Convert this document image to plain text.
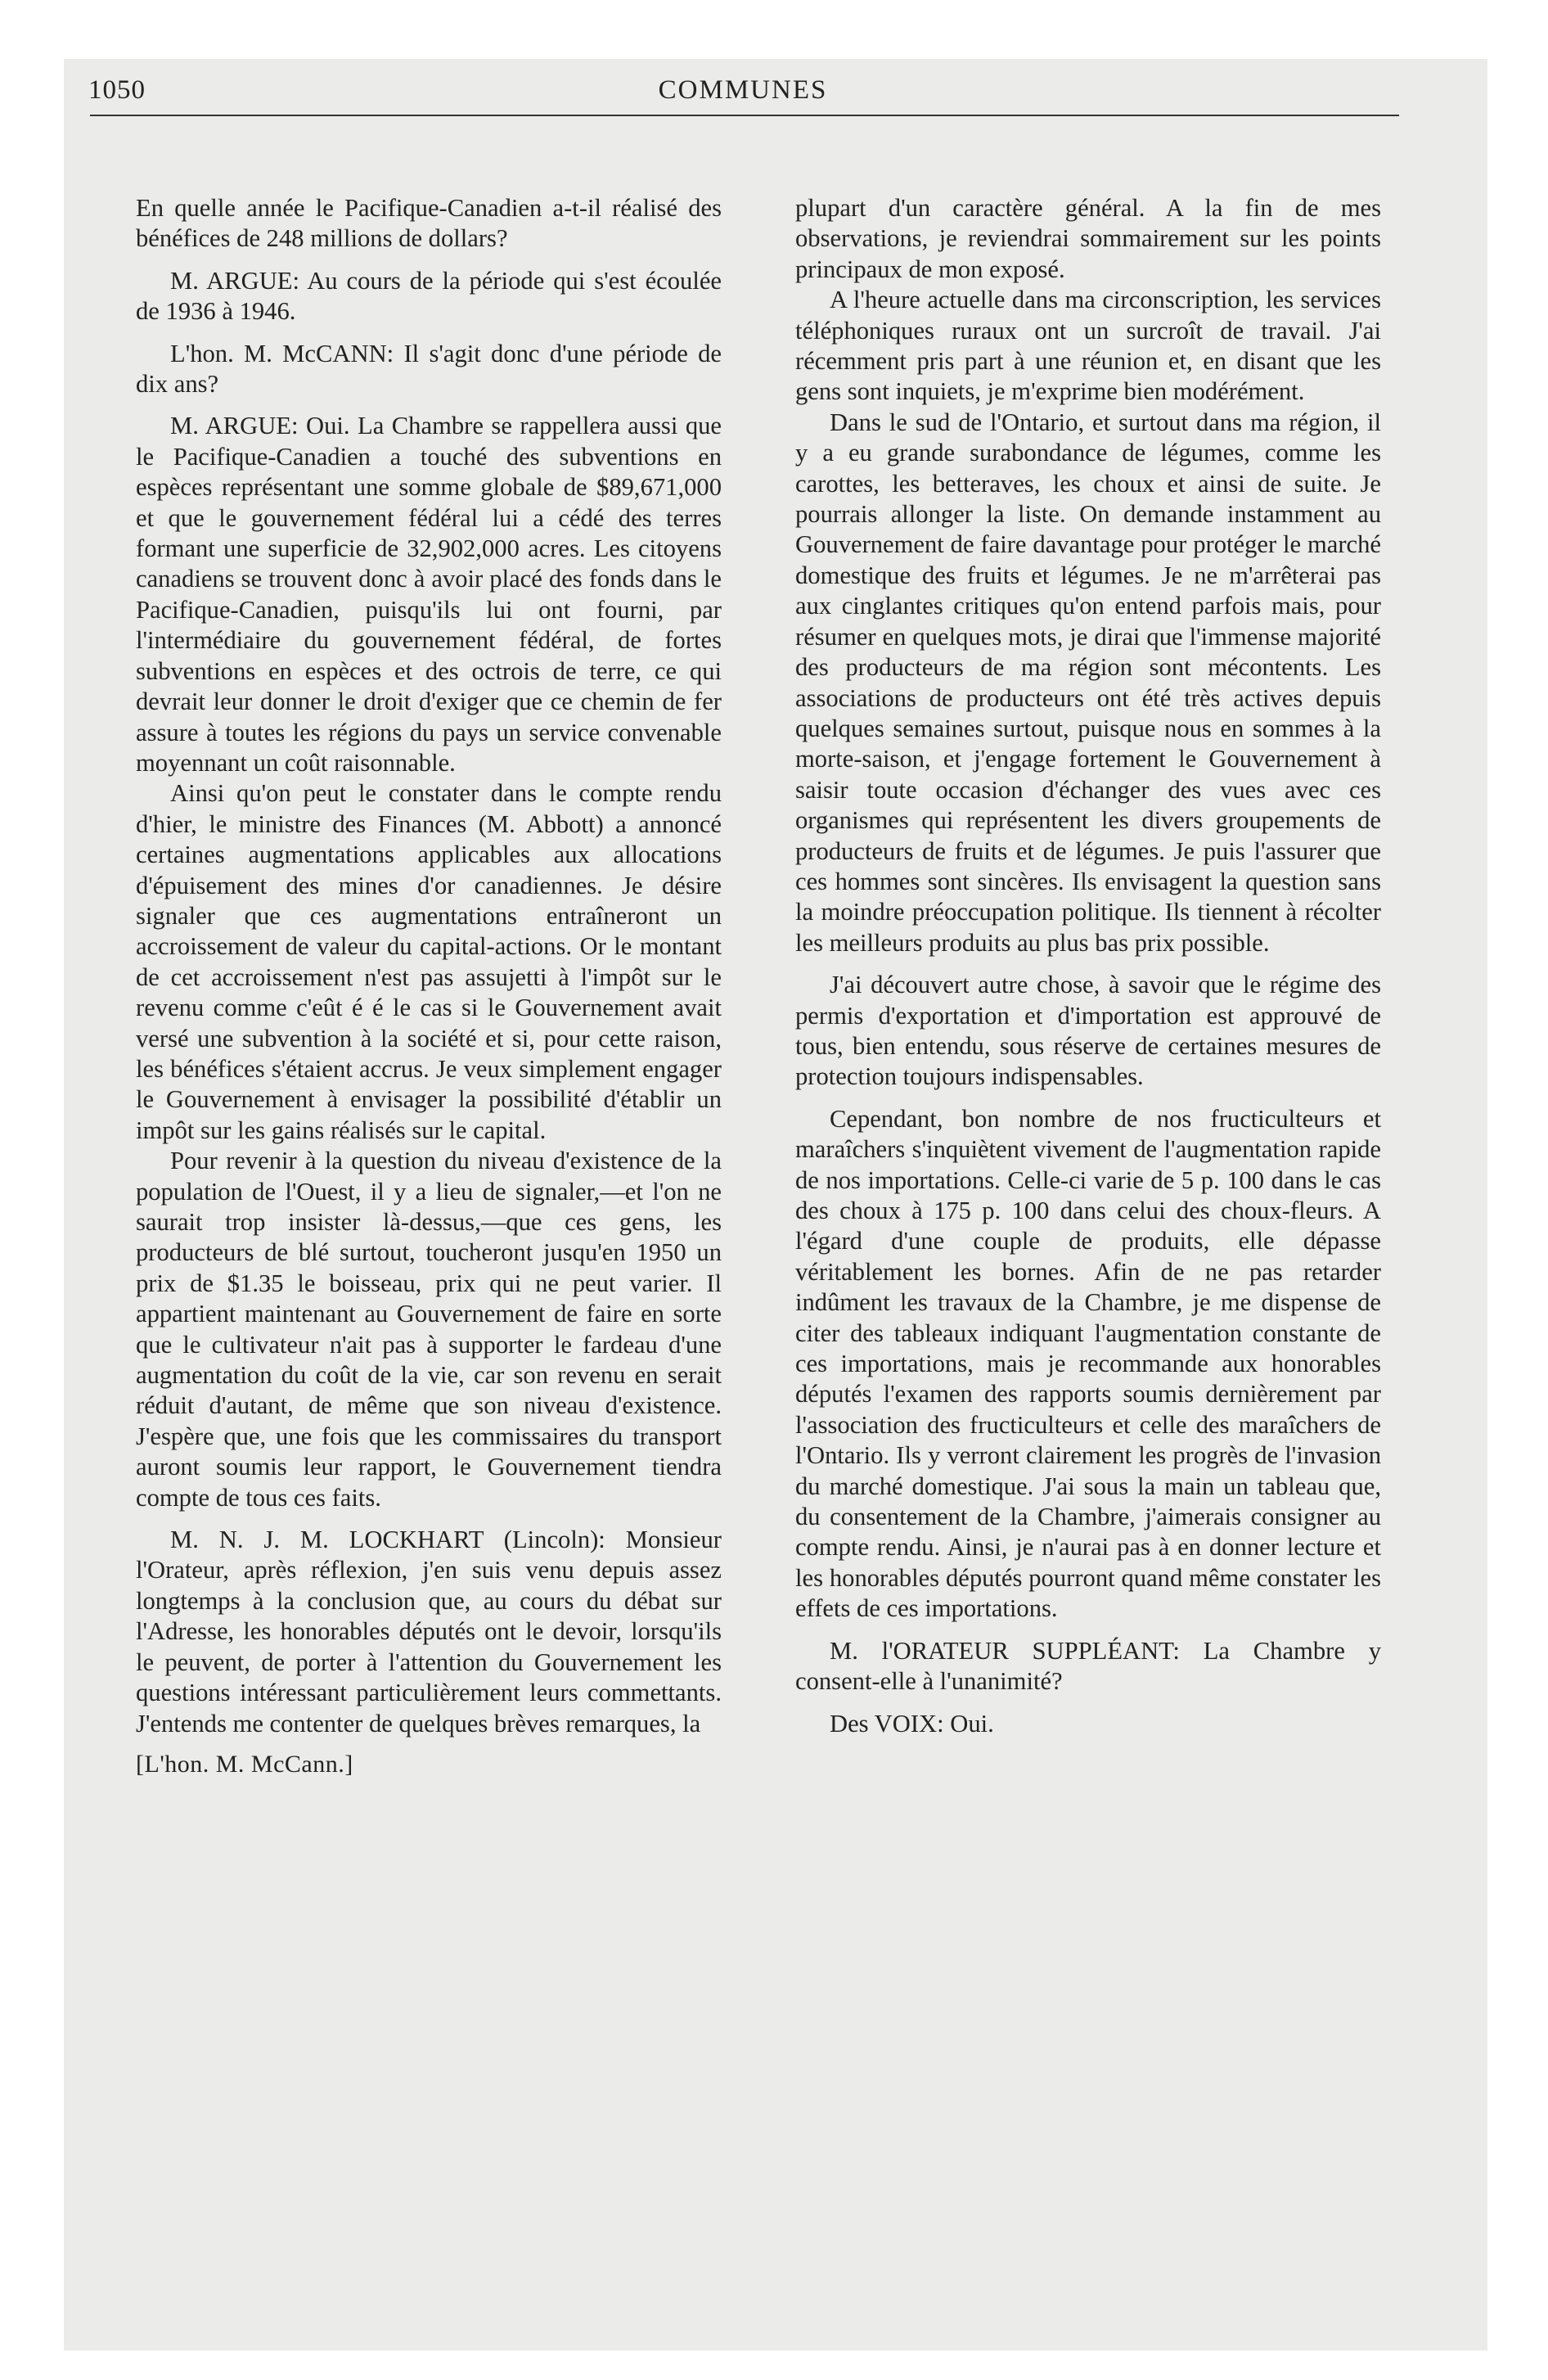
1050	COMMUNES

En quelle année le Pacifique-Canadien a-t-il réalisé des bénéfices de 248 millions de dollars?

M. ARGUE: Au cours de la période qui s'est écoulée de 1936 à 1946.

L'hon. M. McCANN: Il s'agit donc d'une période de dix ans?

M. ARGUE: Oui. La Chambre se rappellera aussi que le Pacifique-Canadien a touché des subventions en espèces représentant une somme globale de $89,671,000 et que le gouvernement fédéral lui a cédé des terres formant une superficie de 32,902,000 acres. Les citoyens canadiens se trouvent donc à avoir placé des fonds dans le Pacifique-Canadien, puisqu'ils lui ont fourni, par l'intermédiaire du gouvernement fédéral, de fortes subventions en espèces et des octrois de terre, ce qui devrait leur donner le droit d'exiger que ce chemin de fer assure à toutes les régions du pays un service convenable moyennant un coût raisonnable.

Ainsi qu'on peut le constater dans le compte rendu d'hier, le ministre des Finances (M. Abbott) a annoncé certaines augmentations applicables aux allocations d'épuisement des mines d'or canadiennes. Je désire signaler que ces augmentations entraîneront un accroissement de valeur du capital-actions. Or le montant de cet accroissement n'est pas assujetti à l'impôt sur le revenu comme c'eût é é le cas si le Gouvernement avait versé une subvention à la société et si, pour cette raison, les bénéfices s'étaient accrus. Je veux simplement engager le Gouvernement à envisager la possibilité d'établir un impôt sur les gains réalisés sur le capital.

Pour revenir à la question du niveau d'existence de la population de l'Ouest, il y a lieu de signaler,—et l'on ne saurait trop insister là-dessus,—que ces gens, les producteurs de blé surtout, toucheront jusqu'en 1950 un prix de $1.35 le boisseau, prix qui ne peut varier. Il appartient maintenant au Gouvernement de faire en sorte que le cultivateur n'ait pas à supporter le fardeau d'une augmentation du coût de la vie, car son revenu en serait réduit d'autant, de même que son niveau d'existence. J'espère que, une fois que les commissaires du transport auront soumis leur rapport, le Gouvernement tiendra compte de tous ces faits.

M. N. J. M. LOCKHART (Lincoln): Monsieur l'Orateur, après réflexion, j'en suis venu depuis assez longtemps à la conclusion que, au cours du débat sur l'Adresse, les honorables députés ont le devoir, lorsqu'ils le peuvent, de porter à l'attention du Gouvernement les questions intéressant particulièrement leurs commettants. J'entends me contenter de quelques brèves remarques, la

[L'hon. M. McCann.]

plupart d'un caractère général. A la fin de mes observations, je reviendrai sommairement sur les points principaux de mon exposé.

A l'heure actuelle dans ma circonscription, les services téléphoniques ruraux ont un surcroît de travail. J'ai récemment pris part à une réunion et, en disant que les gens sont inquiets, je m'exprime bien modérément.

Dans le sud de l'Ontario, et surtout dans ma région, il y a eu grande surabondance de légumes, comme les carottes, les betteraves, les choux et ainsi de suite. Je pourrais allonger la liste. On demande instamment au Gouvernement de faire davantage pour protéger le marché domestique des fruits et légumes. Je ne m'arrêterai pas aux cinglantes critiques qu'on entend parfois mais, pour résumer en quelques mots, je dirai que l'immense majorité des producteurs de ma région sont mécontents. Les associations de producteurs ont été très actives depuis quelques semaines surtout, puisque nous en sommes à la morte-saison, et j'engage fortement le Gouvernement à saisir toute occasion d'échanger des vues avec ces organismes qui représentent les divers groupements de producteurs de fruits et de légumes. Je puis l'assurer que ces hommes sont sincères. Ils envisagent la question sans la moindre préoccupation politique. Ils tiennent à récolter les meilleurs produits au plus bas prix possible.

J'ai découvert autre chose, à savoir que le régime des permis d'exportation et d'importation est approuvé de tous, bien entendu, sous réserve de certaines mesures de protection toujours indispensables.

Cependant, bon nombre de nos fructiculteurs et maraîchers s'inquiètent vivement de l'augmentation rapide de nos importations. Celle-ci varie de 5 p. 100 dans le cas des choux à 175 p. 100 dans celui des choux-fleurs. A l'égard d'une couple de produits, elle dépasse véritablement les bornes. Afin de ne pas retarder indûment les travaux de la Chambre, je me dispense de citer des tableaux indiquant l'augmentation constante de ces importations, mais je recommande aux honorables députés l'examen des rapports soumis dernièrement par l'association des fructiculteurs et celle des maraîchers de l'Ontario. Ils y verront clairement les progrès de l'invasion du marché domestique. J'ai sous la main un tableau que, du consentement de la Chambre, j'aimerais consigner au compte rendu. Ainsi, je n'aurai pas à en donner lecture et les honorables députés pourront quand même constater les effets de ces importations.

M. l'ORATEUR SUPPLÉANT: La Chambre y consent-elle à l'unanimité?

Des VOIX: Oui.
